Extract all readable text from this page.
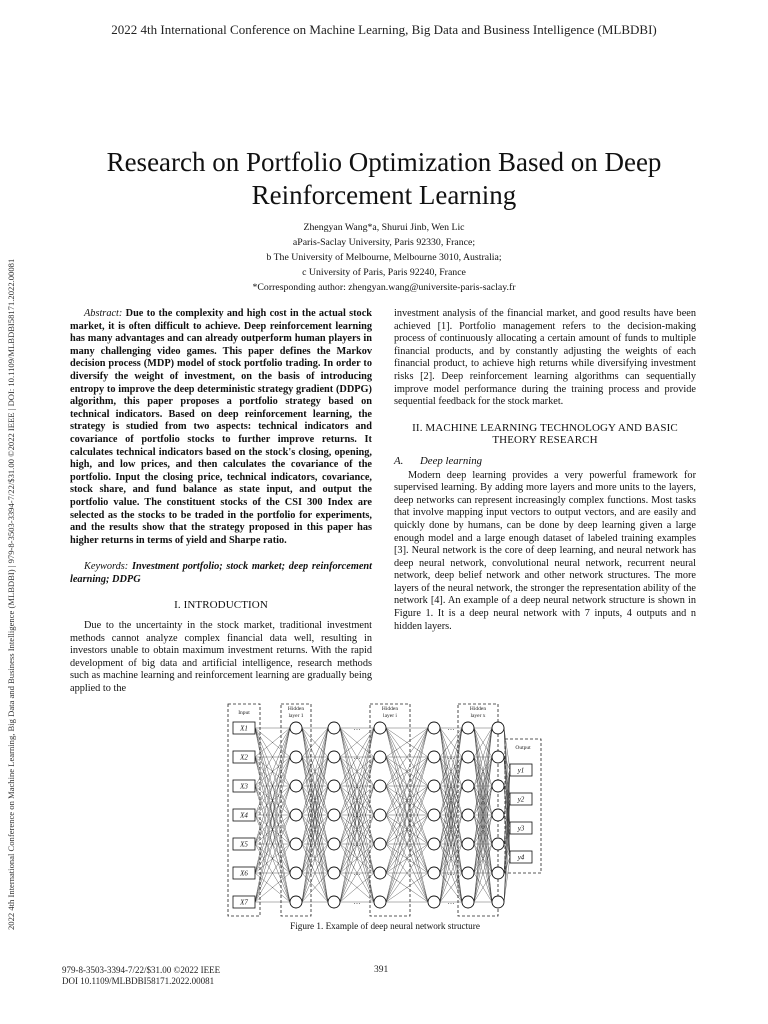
2022 4th International Conference on Machine Learning, Big Data and Business Intelligence (MLBDBI)
2022 4th International Conference on Machine Learning, Big Data and Business Intelligence (MLBDBI) | 979-8-3503-3394-7/22/$31.00 ©2022 IEEE | DOI: 10.1109/MLBDBI58171.2022.00081
Research on Portfolio Optimization Based on Deep
Reinforcement Learning

Zhengyan Wang*a, Shurui Jinb, Wen Lic

aParis-Saclay University, Paris 92330, France;

b The University of Melbourne, Melbourne 3010, Australia;

c University of Paris, Paris 92240, France

*Corresponding author: zhengyan.wang@universite-paris-saclay.fr

Abstract: Due to the complexity and high cost in the actual stock market, it is often difficult to achieve. Deep reinforcement learning has many advantages and can already outperform human players in many challenging video games. This paper defines the Markov decision process (MDP) model of stock portfolio trading. In order to diversify the weight of investment, on the basis of introducing entropy to improve the deep deterministic strategy gradient (DDPG) algorithm, this paper proposes a portfolio strategy based on technical indicators. Based on deep reinforcement learning, the strategy is studied from two aspects: technical indicators and covariance of portfolio stocks to further improve returns. It calculates technical indicators based on the stock's closing, opening, high, and low prices, and then calculates the covariance of the portfolio. Input the closing price, technical indicators, covariance, stock share, and fund balance as state input, and output the portfolio value. The constituent stocks of the CSI 300 Index are selected as the stocks to be traded in the portfolio for experiments, and the results show that the strategy proposed in this paper has higher returns in terms of yield and Sharpe ratio.

Keywords: Investment portfolio; stock market; deep reinforcement learning; DDPG

I. INTRODUCTION

Due to the uncertainty in the stock market, traditional investment methods cannot analyze complex financial data well, resulting in investors unable to obtain maximum investment returns. With the rapid development of big data and artificial intelligence, research methods such as machine learning and reinforcement learning are gradually being applied to the

investment analysis of the financial market, and good results have been achieved [1]. Portfolio management refers to the decision-making process of continuously allocating a certain amount of funds to multiple financial products, and by constantly adjusting the weights of each financial product, to achieve high returns while diversifying investment risks [2]. Deep reinforcement learning algorithms can sequentially improve model performance during the training process and provide sequential feedback for the stock market.

II. MACHINE LEARNING TECHNOLOGY AND BASIC THEORY RESEARCH

A. Deep learning

Modern deep learning provides a very powerful framework for supervised learning. By adding more layers and more units to the layers, deep networks can represent increasingly complex functions. Most tasks that involve mapping input vectors to output vectors, and are easily and quickly done by humans, can be done by deep learning given a large enough model and a large enough dataset of labeled training examples [3]. Neural network is the core of deep learning, and neural network has deep neural network, convolutional neural network, recurrent neural network, deep belief network and other network structures. The more layers of the neural network, the stronger the representation ability of the network [4]. An example of a deep neural network structure is shown in Figure 1. It is a deep neural network with 7 inputs, 4 outputs and n hidden layers.

Input
Hidden
layer 1
Hidden
layer i
Hidden
layer x
Output
X1
X2
X3
X4
X5
X6
X7
y1
y2
y3
y4
…
…
…
…
…
…
…
…
…
…
…
…
…
…
Figure 1. Example of deep neural network structure

979-8-3503-3394-7/22/$31.00 ©2022 IEEE

DOI 10.1109/MLBDBI58171.2022.00081

391
